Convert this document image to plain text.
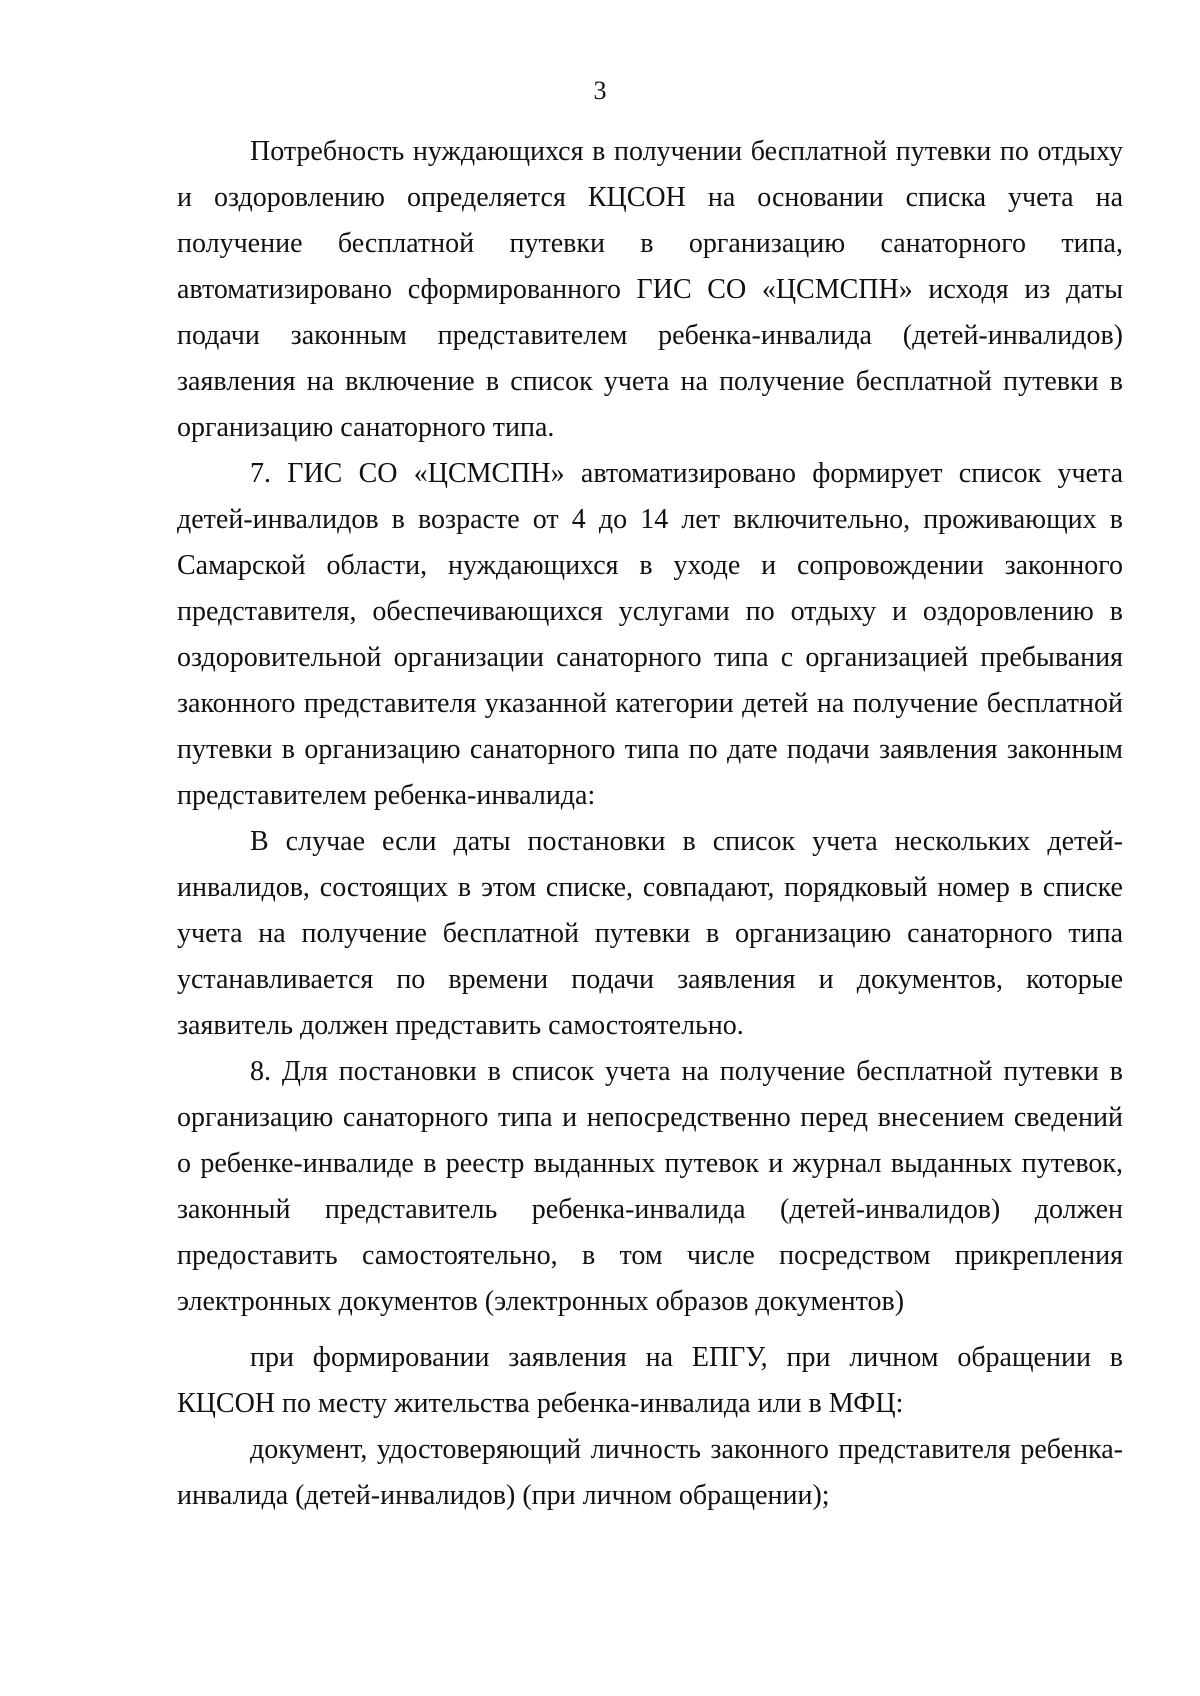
3

Потребность нуждающихся в получении бесплатной путевки по отдыху и оздоровлению определяется КЦСОН на основании списка учета на получение бесплатной путевки в организацию санаторного типа, автоматизировано сформированного ГИС СО «ЦСМСПН» исходя из даты подачи законным представителем ребенка-инвалида (детей-инвалидов) заявления на включение в список учета на получение бесплатной путевки в организацию санаторного типа.

7. ГИС СО «ЦСМСПН» автоматизировано формирует список учета детей-инвалидов в возрасте от 4 до 14 лет включительно, проживающих в Самарской области, нуждающихся в уходе и сопровождении законного представителя, обеспечивающихся услугами по отдыху и оздоровлению в оздоровительной организации санаторного типа с организацией пребывания законного представителя указанной категории детей на получение бесплатной путевки в организацию санаторного типа по дате подачи заявления законным представителем ребенка-инвалида:

В случае если даты постановки в список учета нескольких детей-инвалидов, состоящих в этом списке, совпадают, порядковый номер в списке учета на получение бесплатной путевки в организацию санаторного типа устанавливается по времени подачи заявления и документов, которые заявитель должен представить самостоятельно.

8. Для постановки в список учета на получение бесплатной путевки в организацию санаторного типа и непосредственно перед внесением сведений о ребенке-инвалиде в реестр выданных путевок и журнал выданных путевок, законный представитель ребенка-инвалида (детей-инвалидов) должен предоставить самостоятельно, в том числе посредством прикрепления электронных документов (электронных образов документов)

при формировании заявления на ЕПГУ, при личном обращении в КЦСОН по месту жительства ребенка-инвалида или в МФЦ:

документ, удостоверяющий личность законного представителя ребенка-инвалида (детей-инвалидов) (при личном обращении);
